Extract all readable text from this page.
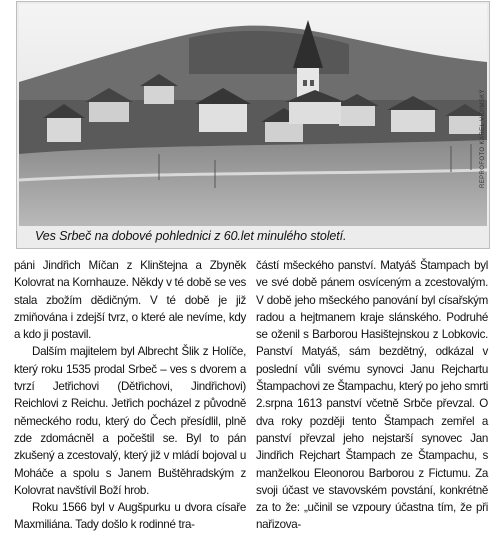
Ves Srbeč na dobové pohlednici z 60.let minulého století.
REPROFOTO KAREL VIDIMSKÝ

páni Jindřich Míčan z Klinštejna a Zbyněk Kolovrat na Kornhauze. Někdy v té době se ves stala zbožím dědičným. V té době je již zmiňována i zdejší tvrz, o které ale nevíme, kdy a kdo ji postavil.

Dalším majitelem byl Albrecht Šlik z Holíče, který roku 1535 prodal Srbeč – ves s dvorem a tvrzí Jetřichovi (Dětřichovi, Jindřichovi) Reichlovi z Reichu. Jetřich pocházel z původně německého rodu, který do Čech přesídlil, plně zde zdomácněl a počeštil se. Byl to pán zkušený a zcestovalý, který již v mládí bojoval u Moháče a spolu s Janem Buštěhradským z Kolovrat navštívil Boží hrob.

Roku 1566 byl v Augšpurku u dvora císaře Maxmiliána. Tady došlo k rodinné tra-

částí mšeckého panství. Matyáš Štampach byl ve své době pánem osvíceným a zcestovalým. V době jeho mšeckého panování byl císařským radou a hejtmanem kraje slánského. Podruhé se oženil s Barborou Hasištejnskou z Lobkovic. Panství Matyáš, sám bezdětný, odkázal v poslední vůli svému synovci Janu Rejchartu Štampachovi ze Štampachu, který po jeho smrti 2.srpna 1613 panství včetně Srbče převzal. O dva roky později tento Štampach zemřel a panství převzal jeho nejstarší synovec Jan Jindřich Rejchart Štampach ze Štampachu, s manželkou Eleonorou Barborou z Fictumu. Za svoji účast ve stavovském povstání, konkrétně za to že: „učinil se vzpoury účastna tím, že při nařizova-
